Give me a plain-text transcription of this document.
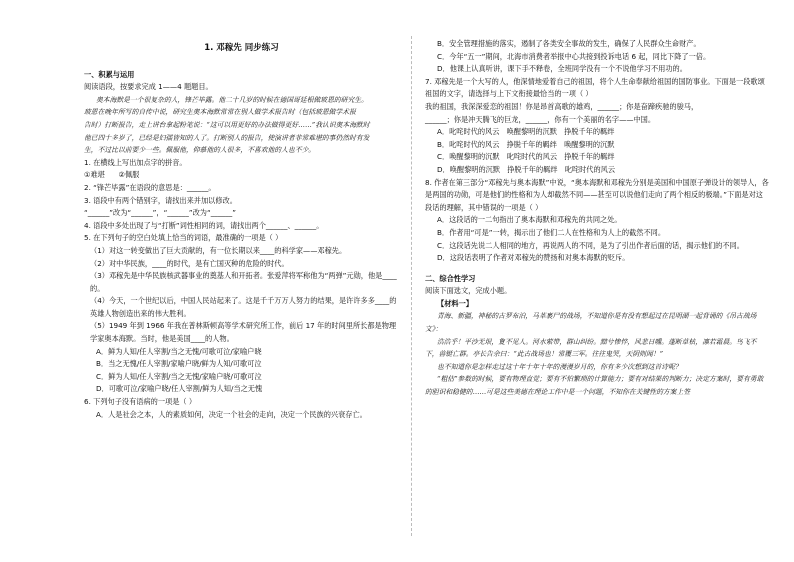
1. 邓稼先 同步练习
一、积累与运用
阅读语段，按要求完成 1——4 题题目。
奥本海默是一个很复杂的人，锋芒毕露。他二十几岁的时候在德国哥廷根做玻恩的研究生。
玻恩在晚年所写的自传中说，研究生奥本海默常常在别人做学术报告时（包括玻恩做学术报
告时）打断报告，走上讲台拿起粉笔说：“这可以用更好的办法做得更好……”我认识奥本海默时
他已四十多岁了，已经是妇孺皆知的人了。打断别人的报告，使演讲者非常难堪的事仍然时有发
生，不过比以前要少一些。佩服他，仰慕他的人很多，不喜欢他的人也不少。
1. 在横线上写出加点字的拼音。
①难堪 ②佩服
2. “锋芒毕露”在语段的意思是：______。
3. 语段中有两个错别字，请找出来并加以修改。
“______”改为“______”，“______”改为“______”
4. 语段中多处出现了与“打断”词性相同的词，请找出两个______、______。
5. 在下列句子的空白处填上恰当的词语，最准确的一项是（ ）
（1）对这一转变做出了巨大贡献的，有一位长期以来____的科学家——邓稼先。
（2）对中华民族，____的时代，是有亡国灭种的危险的时代。
（3）邓稼先是中华民族核武器事业的奠基人和开拓者。张爱萍将军称他为“两弹”元勋，他是____的。
（4）今天，一个世纪以后，中国人民站起来了。这是千千万万人努力的结果，是许许多多____的英雄人物创造出来的伟大胜利。
（5）1949 年到 1966 年我在普林斯顿高等学术研究所工作，前后 17 年的时间里所长都是物理学家奥本海默。当时，他是美国____的人物。
A．鲜为人知/任人宰割/当之无愧/可歌可泣/家喻户晓
B．当之无愧/任人宰割/家喻户晓/鲜为人知/可歌可泣
C．鲜为人知/任人宰割/当之无愧/家喻户晓/可歌可泣
D．可歌可泣/家喻户晓/任人宰割/鲜为人知/当之无愧
6. 下列句子没有语病的一项是（ ）
A．人是社会之本，人的素质如何，决定一个社会的走向，决定一个民族的兴衰存亡。
B．安全管理措施的落实，遏制了各类安全事故的发生，确保了人民群众生命财产。
C．今年“五一”期间，北海市消费者举报中心共接到投诉电话 6 起，同比下降了一倍。
D．他课上认真听讲，课下手不释卷，全班同学没有一个不说他学习不用功的。
7. 邓稼先是一个大写的人，他深情地爱着自己的祖国，将个人生命奉献给祖国的国防事业。下面是一段歌颂祖国的文字，请选择与上下文衔接最恰当的一项（ ）
我的祖国，我深深爱恋的祖国！你是昂首高歌的雄鸡，______；你是奋蹄疾驰的骏马，
______；你是冲天腾飞的巨龙，______，你有一个美丽的名字——中国。
A．叱咤时代的风云　唤醒黎明的沉默　挣脱千年的羁绊
B．叱咤时代的风云　挣脱千年的羁绊　唤醒黎明的沉默
C．唤醒黎明的沉默　叱咤时代的风云　挣脱千年的羁绊
D．唤醒黎明的沉默　挣脱千年的羁绊　叱咤时代的风云
8. 作者在第三部分“邓稼先与奥本海默”中说，“奥本海默和邓稼先分别是美国和中国原子弹设计的领导人，各是两国的功勋，可是他们的性格和为人却截然不同——甚至可以说他们走向了两个相反的极端。”下面是对这段话的理解，其中错误的一项是（ ）
A．这段话的一二句指出了奥本海默和邓稼先的共同之处。
B．作者用“可是”一转，揭示出了他们二人在性格和为人上的截然不同。
C．这段话先说二人相同的地方，再说两人的不同，是为了引出作者后面的话，揭示他们的不同。
D．这段话表明了作者对邓稼先的赞扬和对奥本海默的贬斥。
二、综合性学习
阅读下面选文，完成小题。
【材料一】
青海、新疆，神秘的古罗布泊，马革裹尸的战场，不知道你是有没有想起过在昆明湖一起背诵的《吊古战场文》：
浩浩乎！平沙无垠，夐不见人。河水萦带，群山纠纷。黯兮惨悴，风悲日曛。蓬断草枯，凛若霜晨。鸟飞不下，兽铤亡群。亭长告余曰：“此古战场也！常覆三军。往往鬼哭，天阴则闻！”
也不知道你是怎样走过这十年十年十年的漫漫岁月的，你有多少次想到这首诗呢？
“粗估”参数的时候，要有物理直觉；要有不怕繁琐的计算能力；要有对结果的判断力；决定方案时，要有勇敢的胆识和稳健的……可是这些美德在理论工作中是一个问题，不知你在关键性的方案上签
